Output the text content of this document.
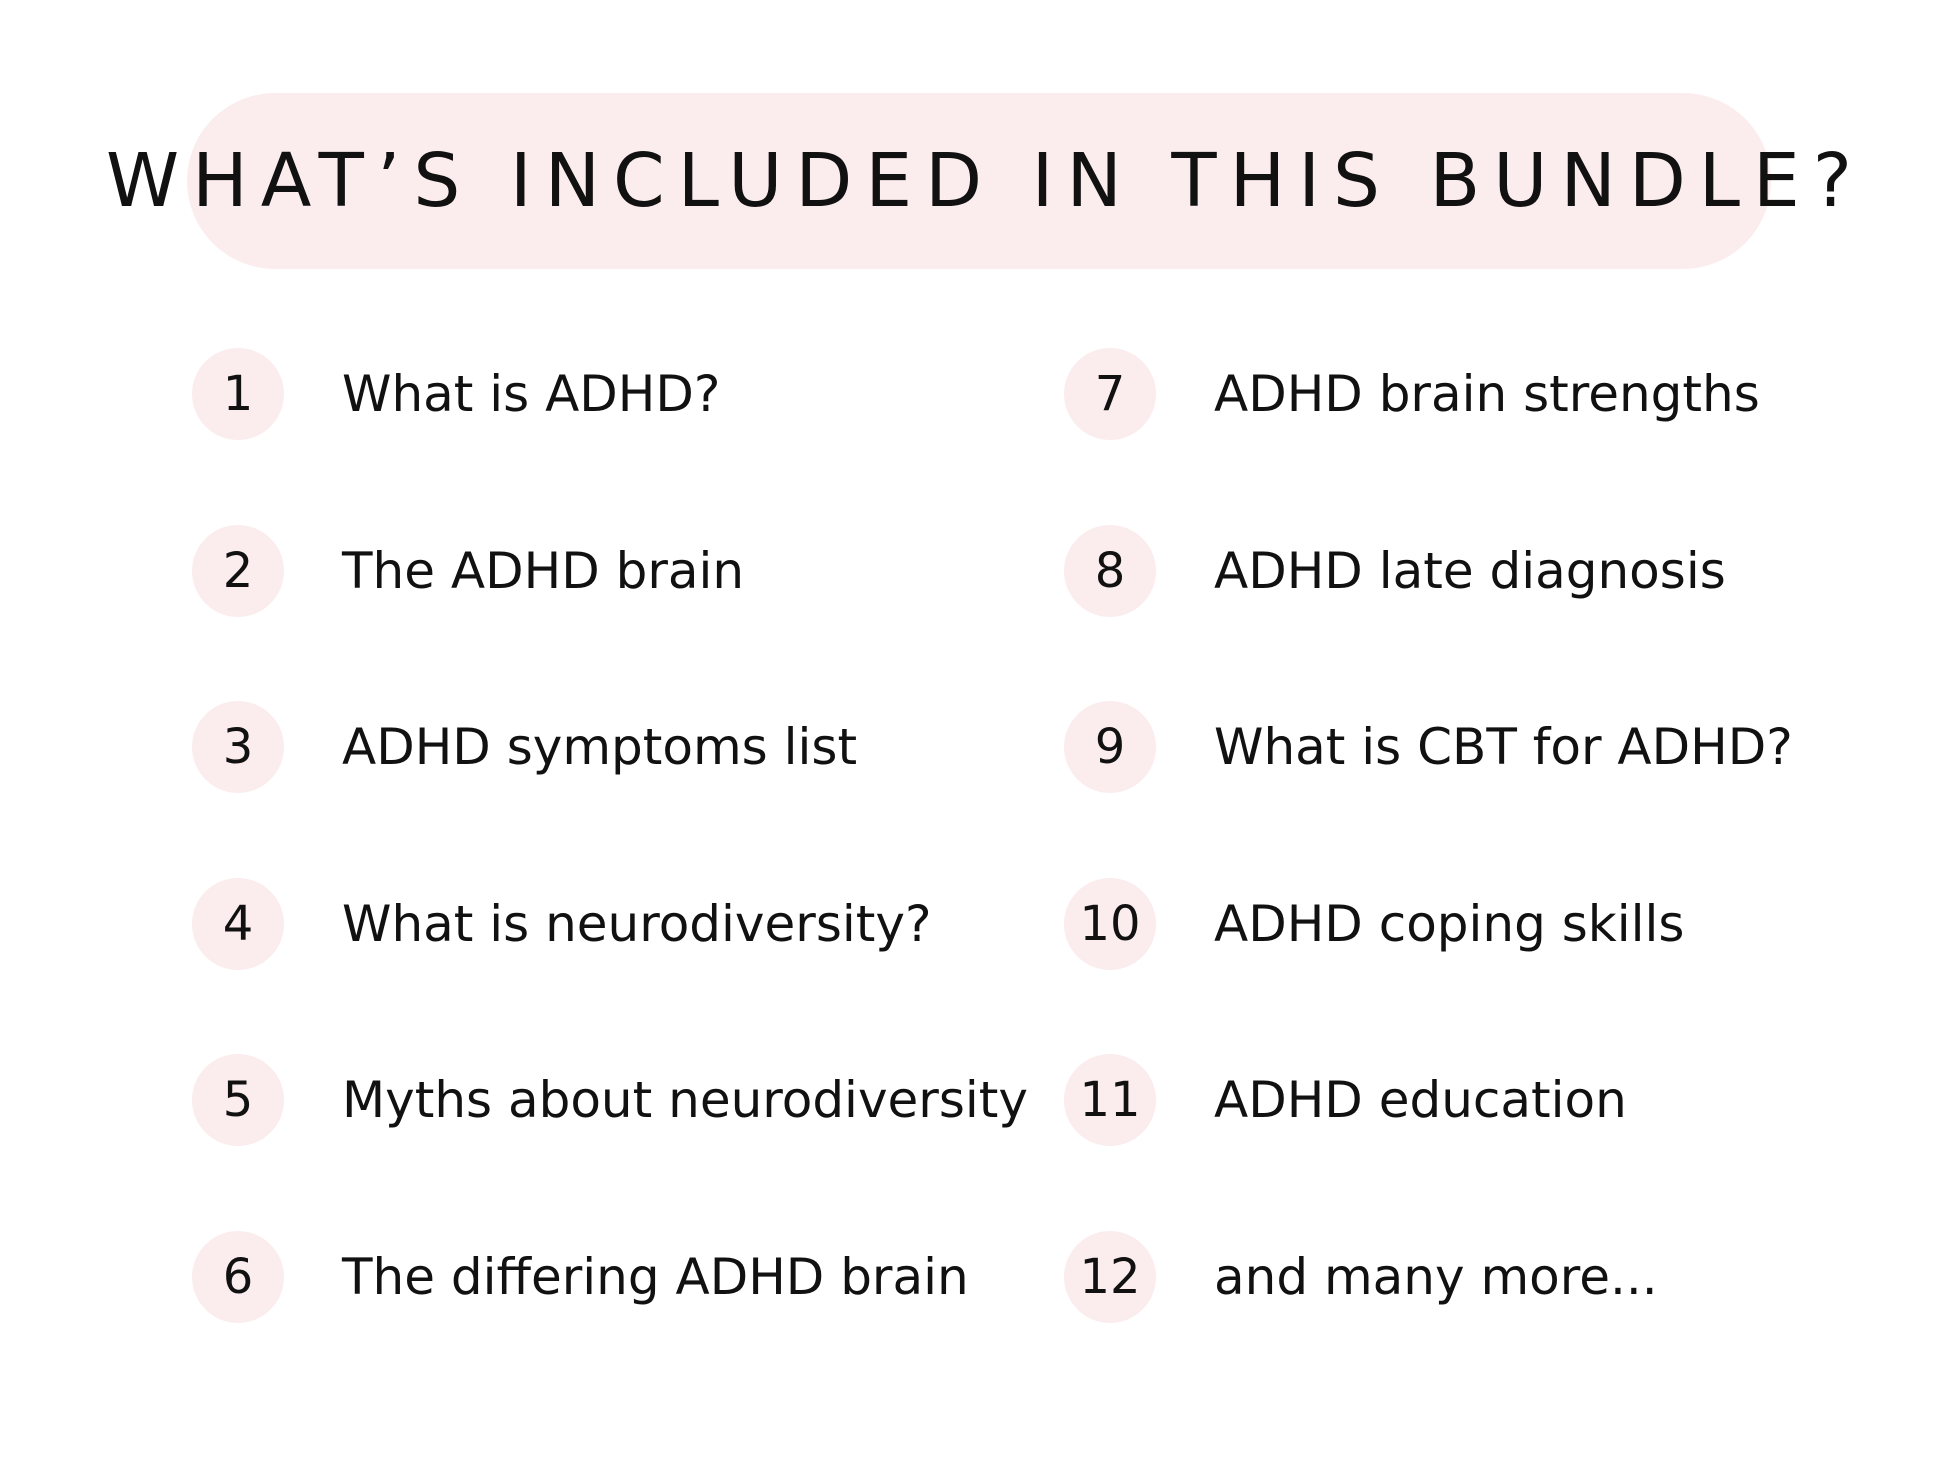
WHAT’S INCLUDED IN THIS BUNDLE?
1	What is ADHD?
2	The ADHD brain
3	ADHD symptoms list
4	What is neurodiversity?
5	Myths about neurodiversity
6	The differing ADHD brain
7	ADHD brain strengths
8	ADHD late diagnosis
9	What is CBT for ADHD?
10	ADHD coping skills
11	ADHD education
12	and many more...
